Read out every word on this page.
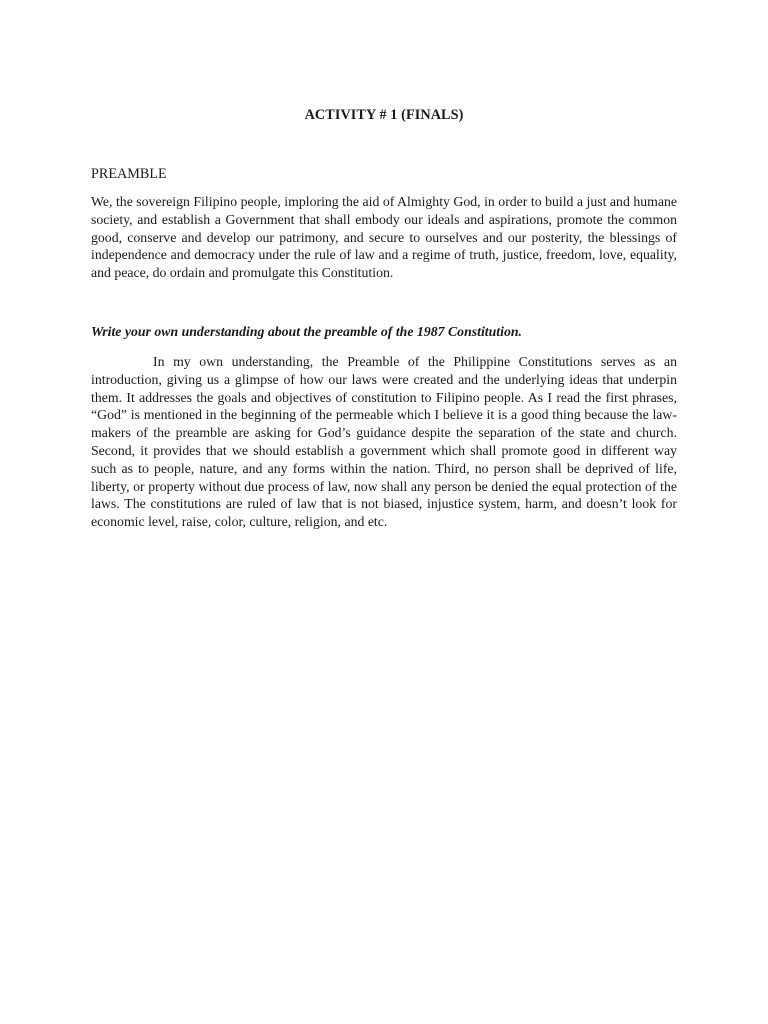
ACTIVITY # 1 (FINALS)
PREAMBLE

We, the sovereign Filipino people, imploring the aid of Almighty God, in order to build a just and humane society, and establish a Government that shall embody our ideals and aspirations, promote the common good, conserve and develop our patrimony, and secure to ourselves and our posterity, the blessings of independence and democracy under the rule of law and a regime of truth, justice, freedom, love, equality, and peace, do ordain and promulgate this Constitution.

Write your own understanding about the preamble of the 1987 Constitution.

In my own understanding, the Preamble of the Philippine Constitutions serves as an introduction, giving us a glimpse of how our laws were created and the underlying ideas that underpin them. It addresses the goals and objectives of constitution to Filipino people. As I read the first phrases, “God” is mentioned in the beginning of the permeable which I believe it is a good thing because the law-makers of the preamble are asking for God’s guidance despite the separation of the state and church. Second, it provides that we should establish a government which shall promote good in different way such as to people, nature, and any forms within the nation. Third, no person shall be deprived of life, liberty, or property without due process of law, now shall any person be denied the equal protection of the laws. The constitutions are ruled of law that is not biased, injustice system, harm, and doesn’t look for economic level, raise, color, culture, religion, and etc.
